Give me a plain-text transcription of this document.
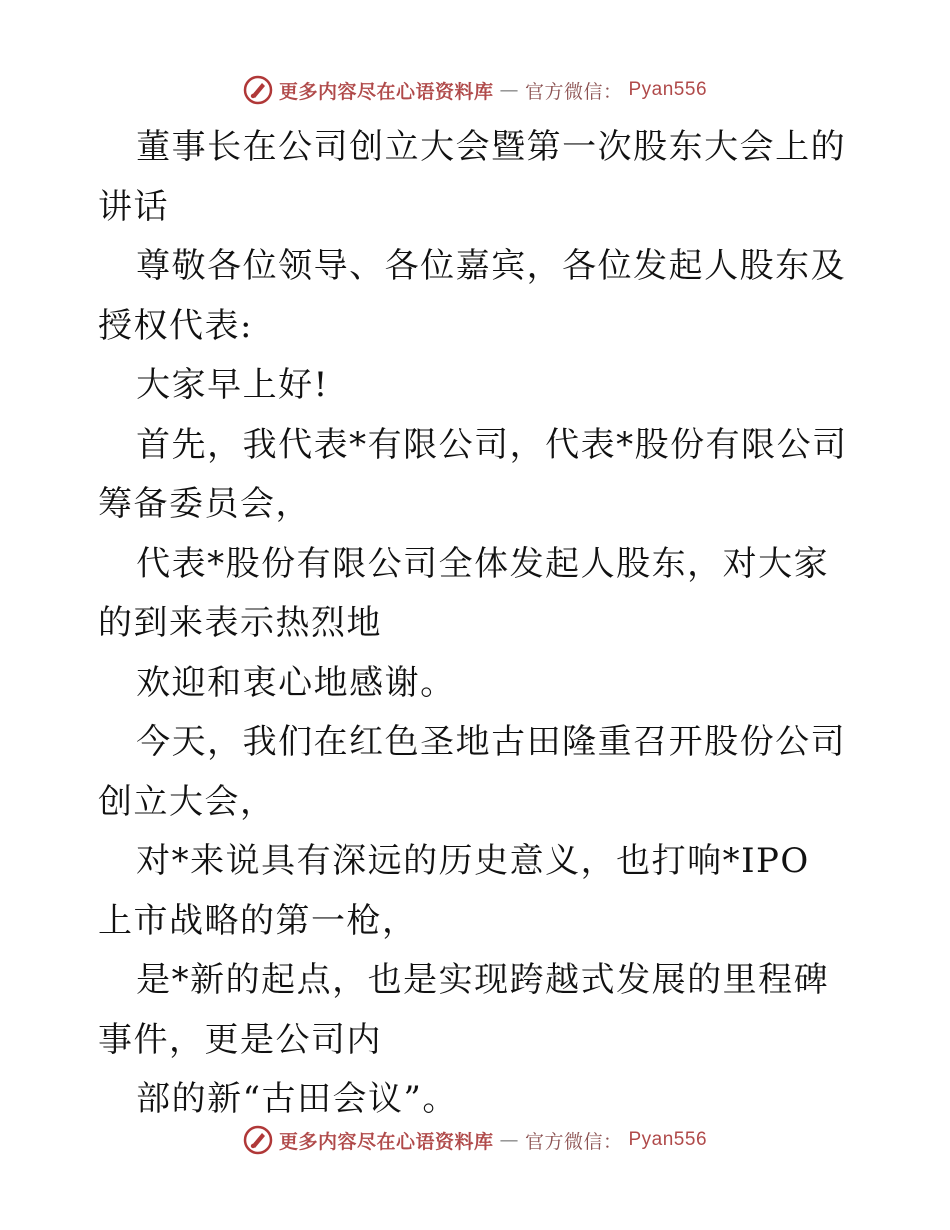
更多内容尽在心语资料库 — 官方微信： Pyan556

董事长在公司创立大会暨第一次股东大会上的讲话

尊敬各位领导、各位嘉宾，各位发起人股东及授权代表:

大家早上好!

首先，我代表*有限公司，代表*股份有限公司筹备委员会，

代表*股份有限公司全体发起人股东，对大家的到来表示热烈地

欢迎和衷心地感谢。

今天，我们在红色圣地古田隆重召开股份公司创立大会，

对*来说具有深远的历史意义，也打响*IPO 上市战略的第一枪，

是*新的起点，也是实现跨越式发展的里程碑事件，更是公司内

部的新“古田会议”。

更多内容尽在心语资料库 — 官方微信： Pyan556
